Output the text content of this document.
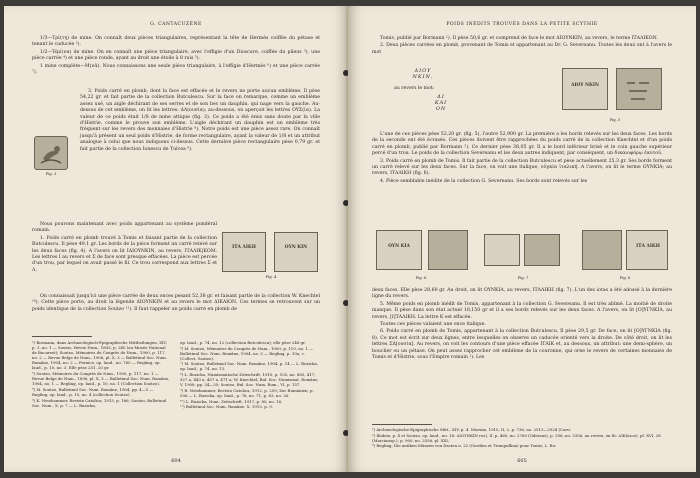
G. CANTACUZÈNE

1/3—Tρί(τη) de mine. On connaît deux pièces triangulaires, représentant la tête de Hermès coiffée du pétase et tenant le caducée ²).

1/2—Ἡμί(να) de mine. On en connaît une pièce triangulaire, avec l'effigie d'un Dioscure, coiffée du pileus ³), une pièce carrée ⁴) et une pièce ronde, ayant au droit une étoile à 8 rais ⁵).

1 mine complète—Μ(νᾶ). Nous connaissons une seule pièce triangulaire, à l'effigie d'Hermès ⁶) et une pièce carrée ⁷).

3. Poids carré en plomb, dont la face est effacée et le revers ne porte aucun emblème. Il pèse 54,22 gr. et fait partie de la collection Butculescu. Sur la face on remarque, comme un emblème assez usé, un aigle déchirant de ses serres et de son bec un dauphin, qui nage vers la gauche. Au-dessus de cet emblème, on lit les lettres: ΔΛ(ουσία); au-dessous, on aperçoit les lettres ΟΥΣ(ία). La valeur de ce poids était 1/8 de mine attique (fig. 3). Ce poids a été émis sans doute par la ville d'Histrie, comme le prouve son emblème. L'aigle déchirant un dauphin est un emblème très fréquent sur les revers des monnaies d'Histrie ⁸). Notre poids est une pièce assez rare. On connaît jusqu'à présent un seul poids d'Histrie, de forme rectangulaire, ayant la valeur de 1/8 et un attribut analogue à celui que nous indiquons ci-dessus. Cette dernière pièce rectangulaire pèse 0,79 gr. et fait partie de la collection Ionescu de Tulcea ⁹).

Fig. 3

Nous pouvons maintenant avec poids appartenant au système pondéral romain.

1. Poids carré en plomb trouvé à Tomis et faisant partie de la collection Butculescu. Il pèse 49,1 gr. Les bords de la pièce forment un carré relevé sur les deux faces (fig. 4). A l'avers on lit ΙΔΙΟΥΝΚΙΝ, au revers, ΙΤΑΛΙΚ|ΚΟΜ. Les lettres Ι au revers et Σ de face sont presque effacées. La pièce est percée d'un trou, par lequel on avait passé le fil. Ce trou correspond aux lettres Σ et Λ.

ΙΤΑ ΛΙΚΗ	ΟΥΝ ΚΙΝ
Fig. 4

On connaissait jusqu'ici une pièce carrée de deux onces pesant 52,38 gr. et faisant partie de la collection W. Knechtel ¹⁰). Cette pièce porte, au droit la légende ΔΙΟΥΝΚΙΝ et au revers le mot ΔΙΚΑΙΟΝ. Ces termes se retrouvent sur un poids identique de la collection Soutzo ¹¹). Il faut rappeler un poids carré en plomb de

²) Bormann, dans Archaeologisch-Epigraphische Mittheilungen, XIV, p. 1, no. 1 — Soutzo, Revue Num., 1893, p. 240 (au Musée National de Bucarest); Soutzo, Mémoires du Congrès de Num., 1900, p. 117, no. 2 — Revue Belge de Num., 1906, pl. X, 3 — Bulletinul Soc. Num. Române, 1904, no. 2 — Pernice, op. laud., no. 760 — Regling, op. laud., p. 10, no. 3. Elle pèse 251, 20 gr.
³) Soutzo, Mémoires du Congrès de Num., 1900, p. 117, no. 1 — Revue Belge de Num., 1896, pl. X, 3 — Bulletinul Soc. Num. Române, 1904, no. 1 — Regling, op. laud., p. 10, no. 1 (Collection Soutzo).
⁴) M. Soutzo, Bulletinul Soc. Num. Române, 1904, pp. 4—5 — Regling, op. laud., p. 10, no. 4 (collection Soutzo).
⁵) K. Netzhammer, Revista Catolica, 1913, p. 166; Soutzo, Bulletinul Soc. Num., X, p. 7 — L. Ruzicka,
op. laud., p. 74, no. 12 (collection Butculescu); elle pèse 248 gr.
⁶) M. Soutzo, Mémoires du Congrès de Num., 1900, p. 119, no. 1 — Bulletinul Soc. Num. Române, 1904, no. 5 — Regling, p. 10a, c. (Collect. Soutzo).
⁷) M. Soutzo, Bulletinul Soc. Num. Române, 1904, p. 14 — L. Ruzicka, op. laud., p. 74, no. 13.
⁸) L. Ruzicka, Numismatische Zeitschrift, 1915, p. 105, no. 865, 417, 927 a, 443 a, 457 a, 471 a; W. Knechtel, Bul. Soc. Numismat. Române, V, 1908, pp. 34—35; Soutzo, Bul. Soc. Num. Rom., VI, p. 157.
⁹) R. Netzhammer, Revista Catolica, 1912, p. 259; Zur Rumänien, p. 506 — L. Ruzicka, op. laud., p. 76, no. 71, p. 63, no. 26.
¹⁰) L. Ruzicka, Num. Zeitschrift, 1917, p. 80, no. 16.
¹¹) Bulletinul Soc. Num. Române, X, 1913, p. 9.
604
POIDS INÉDITS TROUVÉS DANS LA PETITE SCYTHIE

Tomis, publié par Bormann ¹). Il pèse 50,6 gr. et comprend de face le mot ΔΙΟΥΝΚΙΝ, au revers, le terme ΙΤΑΛΙΚΟΝ.

2. Deux pièces carrées en plomb, provenant de Tomis et appartenant au Dr. G. Severeanu. Toutes les deux ont à l'avers le mot

ΔΙΟΥ ΝΚΙΝ,
au revers le mot:
ΔΙ ΚΑΙ ΟΝ
ΔΙΟΥ ΝΚΙΝ
Fig. 5

L'une de ces pièces pèse 52,20 gr. (fig. 5), l'autre 52,900 gr. La première a les bords relevés sur les deux faces. Les bords de la seconde ont été écrasés. Ces pièces doivent être rapprochées du poids carré de la collection Knechtel et d'un poids carré en plomb, publié par Bormann ²). Ce dernier pèse 38,05 gr. Il a le bord inférieur brisé et le coin gauche supérieur percé d'un trou. Le poids de la collection Severeanu et les deux autres indiquent, par conséquent, un δικαιοφόρῳ ἑαυτοῦ.

3. Poids carré en plomb de Tomis. Il fait partie de la collection Butculescu et pèse actuellement 25,3 gr. Ses bords forment un carré relevé sur les deux faces. Sur la face, on voit une italique, οὐγκία ἰταλική. A l'avers, on lit le terme ΟΥΝΚΙΑ; au revers, ΙΤΑΛΙΚΗ (fig. 6).

4. Pièce semblable inédite de la collection G. Severeanu. Ses bords sont relevés sur les

ΟΥΝ ΚΙΑ
Fig. 6	Fig. 7
ΙΤΑ ΛΙΚΗ
Fig. 8

deux faces. Elle pèse 28,60 gr. Au droit, on lit ΟΥΝΚΙΑ, au revers, ΙΤΑΛΙΚΗ (fig. 7). L'un des iotas a été adossé à la dernière ligne du revers.

5. Même poids en plomb inédit de Tomis, appartenant à la collection G. Severeanu. Il est très abîmé. La moitié de droite manque. Il pèse dans son état actuel 18,150 gr et il a ses bords relevés sur les deux faces. A l'avers, on lit [Ο]ΥΓΝΚΙΑ, au revers, [Ι]ΤΑΛΙΚΗ. La lettre K est effacée.

Toutes ces pièces valaient une once italique.

6. Poids carré en plomb de Tomis, appartenant à la collection Butculescu. Il pèse 29,5 gr. De face, on lit [Ο]ΥΓΝΚΙΑ (fig. 8). Ce mot est écrit sur deux lignes, entre lesquelles on observe un caducée orienté vers la droite. De côté droit, on lit les lettres ΣΔ[ουσία]. Au revers, on voit les contours d'une pièce effacée ΙΤΑΙΚ et, au dessous, un attribut: une demi-sphère, un bouclier ou un pétase. On peut assez rapprocher cet emblème de la couronne, qui orne le revers de certaines monnaies de Tomis et d'Histrie, sous l'Empire romain ¹). Les

¹) Archaeologische-Epigraphische Mitt., XIV, p. 4. Mursim, 1910, II, 2, p. 736, no. 2913—2924 (Caru-
²) Ibidem, p. 4 et Soutzo, op. laud., no. 16: ΔΙΟΥΝΚΙΝ ros), II, p. 460, no. 2760 (Odessus), p. 356, no. 3356, au revers, on lit: ΔΙΚ(αιον). pl. XVI, 28 (Marcianop.); p. 900, no. 3556, pl. XXI,
³) Regling, Die antiken Münzen von Dacien u. 22 (Gordien et Tranquillina) pour Tomis; L. Ru-
605
